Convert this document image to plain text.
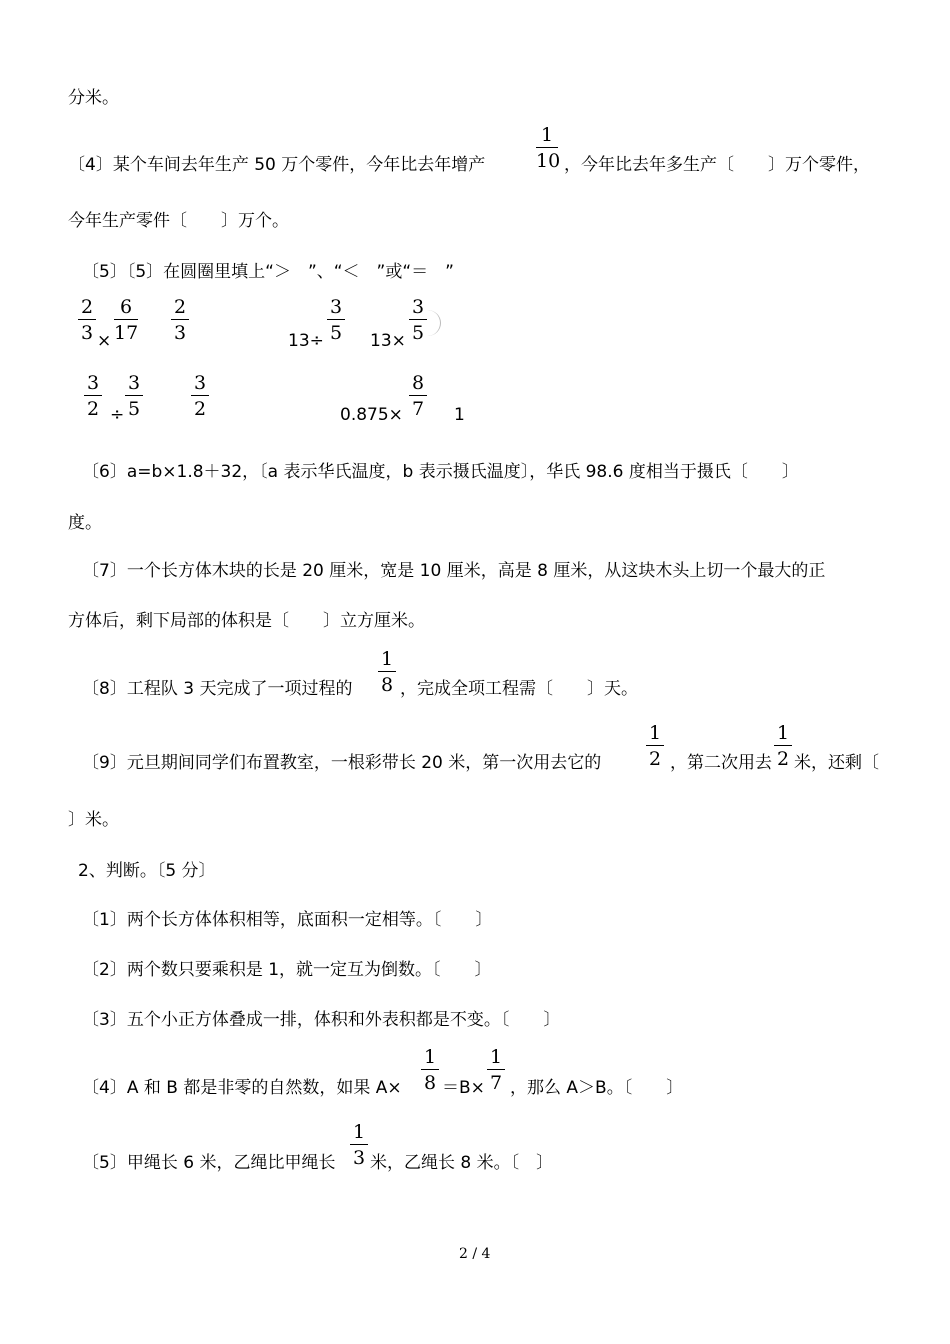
分米。
〔4〕某个车间去年生产 50 万个零件，今年比去年增产
1
10 ，今年比去年多生产〔　　〕万个零件，
今年生产零件〔　　〕万个。
〔5〕〔5〕在圆圈里填上“＞　”、“＜　”或“＝　”
2
3 ×
6
17
2
3	13÷
3
5 13×
3
5
3
2 ÷
3
5
3
2	0.875×
8
7 1
〔6〕a=b×1.8＋32，〔a 表示华氏温度，b 表示摄氏温度〕，华氏 98.6 度相当于摄氏〔　　〕
度。
〔7〕一个长方体木块的长是 20 厘米，宽是 10 厘米，高是 8 厘米，从这块木头上切一个最大的正
方体后，剩下局部的体积是〔　　〕立方厘米。
〔8〕工程队 3 天完成了一项过程的
1
8 ，完成全项工程需〔　　〕天。
〔9〕元旦期间同学们布置教室，一根彩带长 20 米，第一次用去它的
1
2 ，第二次用去
1
2 米，还剩〔
〕米。
2、判断。〔5 分〕
〔1〕两个长方体体积相等，底面积一定相等。〔　　〕
〔2〕两个数只要乘积是 1，就一定互为倒数。〔　　〕
〔3〕五个小正方体叠成一排，体积和外表积都是不变。〔　　〕
〔4〕A 和 B 都是非零的自然数，如果 A×
1
8 ＝B×
1
7 ，那么 A＞B。〔　　〕
〔5〕甲绳长 6 米，乙绳比甲绳长
1
3 米，乙绳长 8 米。〔　〕
2 / 4
